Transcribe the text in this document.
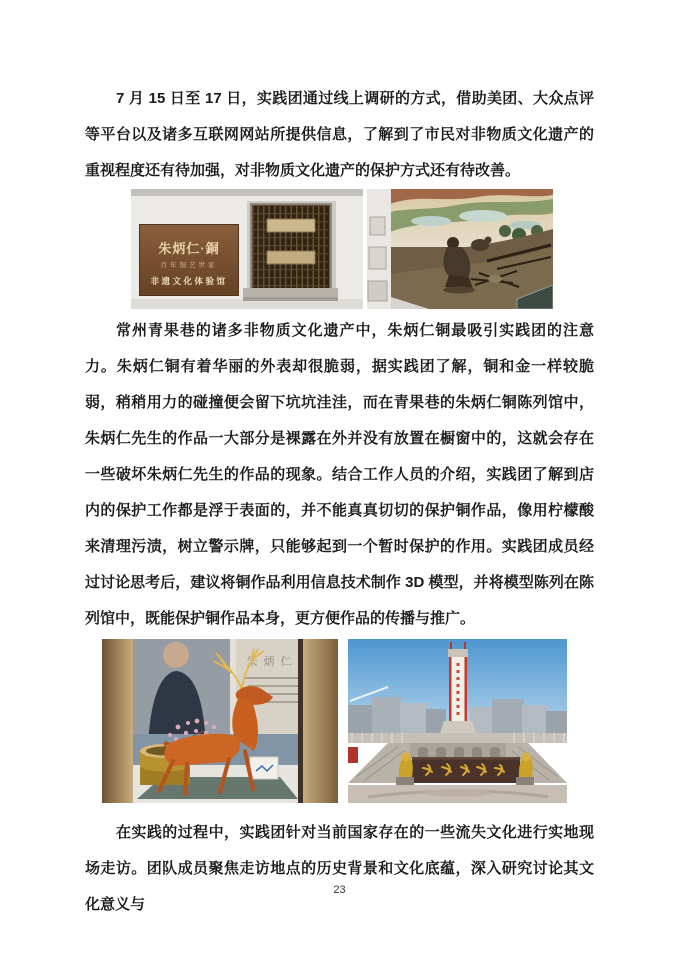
7 月 15 日至 17 日，实践团通过线上调研的方式，借助美团、大众点评等平台以及诸多互联网网站所提供信息，了解到了市民对非物质文化遗产的重视程度还有待加强，对非物质文化遗产的保护方式还有待改善。

朱炳仁·銅
百年铜艺世家
非遗文化体验馆

常州青果巷的诸多非物质文化遗产中，朱炳仁铜最吸引实践团的注意力。朱炳仁铜有着华丽的外表却很脆弱，据实践团了解，铜和金一样较脆弱，稍稍用力的碰撞便会留下坑坑洼洼，而在青果巷的朱炳仁铜陈列馆中，朱炳仁先生的作品一大部分是裸露在外并没有放置在橱窗中的，这就会存在一些破坏朱炳仁先生的作品的现象。结合工作人员的介绍，实践团了解到店内的保护工作都是浮于表面的，并不能真真切切的保护铜作品，像用柠檬酸来清理污渍，树立警示牌，只能够起到一个暂时保护的作用。实践团成员经过讨论思考后，建议将铜作品利用信息技术制作 3D 模型，并将模型陈列在陈列馆中，既能保护铜作品本身，更方便作品的传播与推广。

朱炳仁

在实践的过程中，实践团针对当前国家存在的一些流失文化进行实地现场走访。团队成员聚焦走访地点的历史背景和文化底蕴，深入研究讨论其文化意义与

23
